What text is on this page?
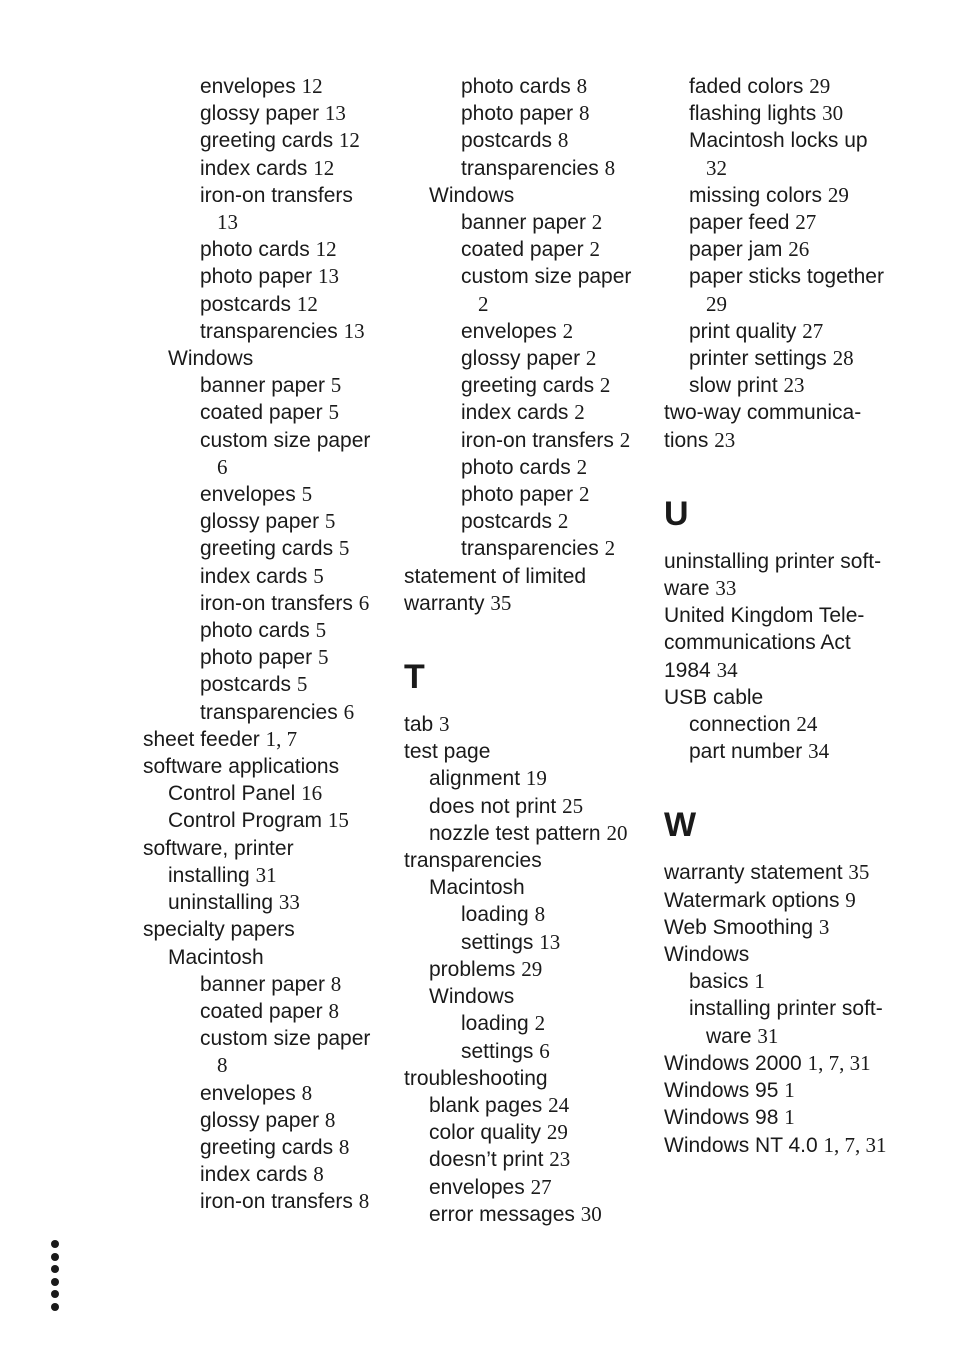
envelopes 12
glossy paper 13
greeting cards 12
index cards 12
iron-on transfers
13
photo cards 12
photo paper 13
postcards 12
transparencies 13
Windows
banner paper 5
coated paper 5
custom size paper
6
envelopes 5
glossy paper 5
greeting cards 5
index cards 5
iron-on transfers 6
photo cards 5
photo paper 5
postcards 5
transparencies 6
sheet feeder 1, 7
software applications
Control Panel 16
Control Program 15
software, printer
installing 31
uninstalling 33
specialty papers
Macintosh
banner paper 8
coated paper 8
custom size paper
8
envelopes 8
glossy paper 8
greeting cards 8
index cards 8
iron-on transfers 8
photo cards 8
photo paper 8
postcards 8
transparencies 8
Windows
banner paper 2
coated paper 2
custom size paper
2
envelopes 2
glossy paper 2
greeting cards 2
index cards 2
iron-on transfers 2
photo cards 2
photo paper 2
postcards 2
transparencies 2
statement of limited
warranty 35
T
tab 3
test page
alignment 19
does not print 25
nozzle test pattern 20
transparencies
Macintosh
loading 8
settings 13
problems 29
Windows
loading 2
settings 6
troubleshooting
blank pages 24
color quality 29
doesn’t print 23
envelopes 27
error messages 30
faded colors 29
flashing lights 30
Macintosh locks up
32
missing colors 29
paper feed 27
paper jam 26
paper sticks together
29
print quality 27
printer settings 28
slow print 23
two-way communica-
tions 23
U
uninstalling printer soft-
ware 33
United Kingdom Tele-
communications Act
1984 34
USB cable
connection 24
part number 34
W
warranty statement 35
Watermark options 9
Web Smoothing 3
Windows
basics 1
installing printer soft-
ware 31
Windows 2000 1, 7, 31
Windows 95 1
Windows 98 1
Windows NT 4.0 1, 7, 31
